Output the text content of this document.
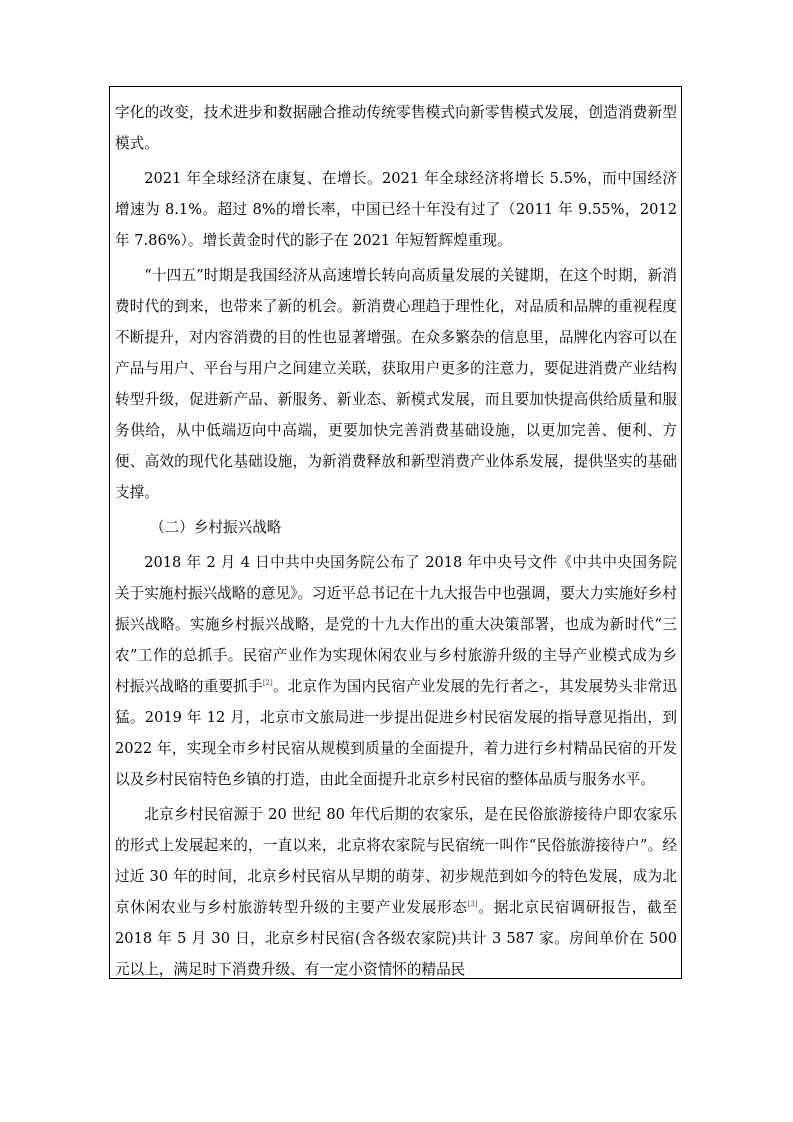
字化的改变，技术进步和数据融合推动传统零售模式向新零售模式发展，创造消费新型模式。

2021 年全球经济在康复、在增长。2021 年全球经济将增长 5.5%，而中国经济增速为 8.1%。超过 8%的增长率，中国已经十年没有过了（2011 年 9.55%，2012 年 7.86%）。增长黄金时代的影子在 2021 年短暂辉煌重现。

“十四五”时期是我国经济从高速增长转向高质量发展的关键期，在这个时期，新消费时代的到来，也带来了新的机会。新消费心理趋于理性化，对品质和品牌的重视程度不断提升，对内容消费的目的性也显著增强。在众多繁杂的信息里，品牌化内容可以在产品与用户、平台与用户之间建立关联，获取用户更多的注意力，要促进消费产业结构转型升级，促进新产品、新服务、新业态、新模式发展，而且要加快提高供给质量和服务供给，从中低端迈向中高端，更要加快完善消费基础设施，以更加完善、便利、方便、高效的现代化基础设施，为新消费释放和新型消费产业体系发展，提供坚实的基础支撑。

（二）乡村振兴战略

2018 年 2 月 4 日中共中央国务院公布了 2018 年中央号文件《中共中央国务院关于实施村振兴战略的意见》。习近平总书记在十九大报告中也强调，要大力实施好乡村振兴战略。实施乡村振兴战略，是党的十九大作出的重大决策部署，也成为新时代“三农”工作的总抓手。民宿产业作为实现休闲农业与乡村旅游升级的主导产业模式成为乡村振兴战略的重要抓手[2]。北京作为国内民宿产业发展的先行者之-，其发展势头非常迅猛。2019 年 12 月，北京市文旅局进一步提出促进乡村民宿发展的指导意见指出，到 2022 年，实现全市乡村民宿从规模到质量的全面提升，着力进行乡村精品民宿的开发以及乡村民宿特色乡镇的打造，由此全面提升北京乡村民宿的整体品质与服务水平。

北京乡村民宿源于 20 世纪 80 年代后期的农家乐，是在民俗旅游接待户即农家乐的形式上发展起来的，一直以来，北京将农家院与民宿统一叫作“民俗旅游接待户”。经过近 30 年的时间，北京乡村民宿从早期的萌芽、初步规范到如今的特色发展，成为北京休闲农业与乡村旅游转型升级的主要产业发展形态[3]。据北京民宿调研报告，截至 2018 年 5 月 30 日，北京乡村民宿(含各级农家院)共计 3 587 家。房间单价在 500 元以上，满足时下消费升级、有一定小资情怀的精品民
